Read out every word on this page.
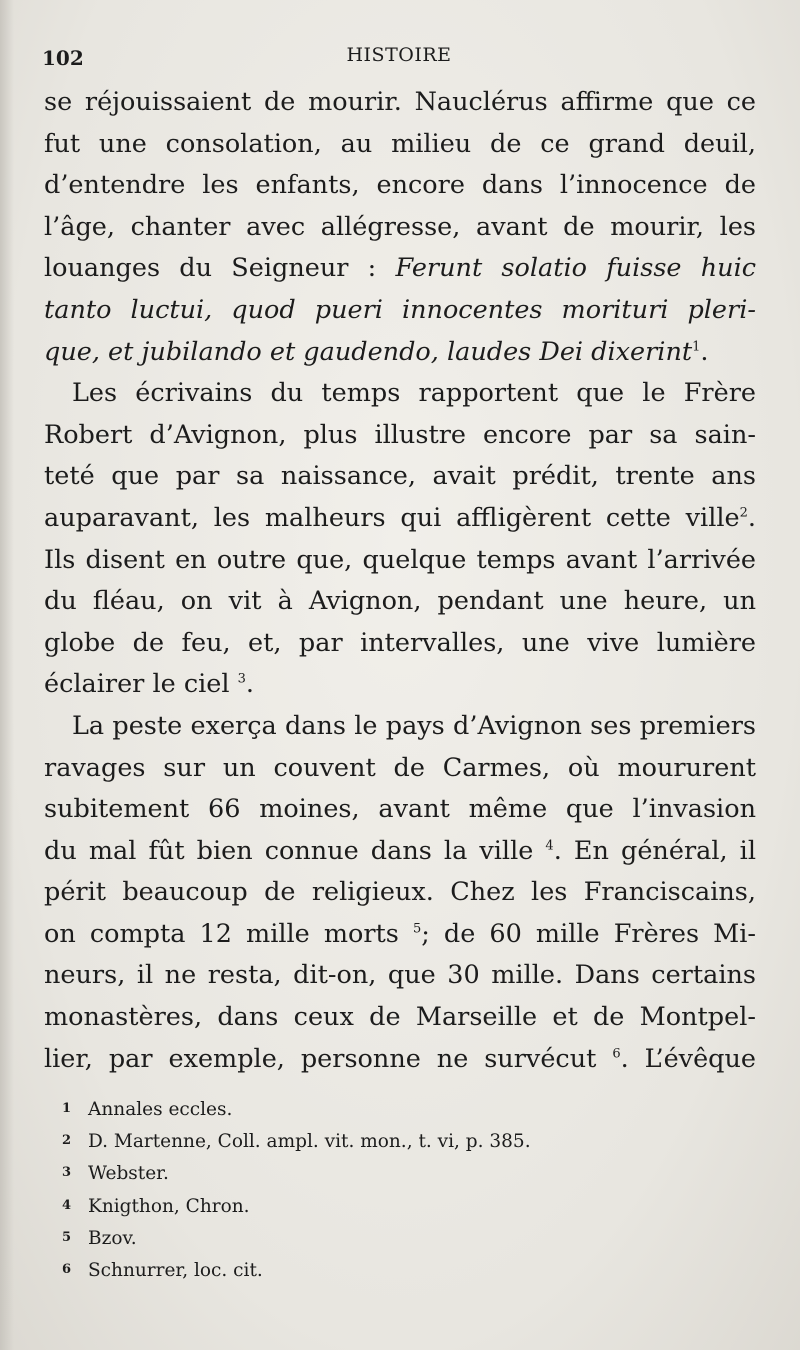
102	HISTOIRE
se réjouissaient de mourir. Nauclérus affirme que ce
fut une consolation, au milieu de ce grand deuil,
d’entendre les enfants, encore dans l’innocence de
l’âge, chanter avec allégresse, avant de mourir, les
louanges du Seigneur : Ferunt solatio fuisse huic
tanto luctui, quod pueri innocentes morituri pleri-
que, et jubilando et gaudendo, laudes Dei dixerint$^1$.
Les écrivains du temps rapportent que le Frère
Robert d’Avignon, plus illustre encore par sa sain-
teté que par sa naissance, avait prédit, trente ans
auparavant, les malheurs qui affligèrent cette ville$^2$.
Ils disent en outre que, quelque temps avant l’arrivée
du fléau, on vit à Avignon, pendant une heure, un
globe de feu, et, par intervalles, une vive lumière
éclairer le ciel $^3$.
La peste exerça dans le pays d’Avignon ses premiers
ravages sur un couvent de Carmes, où moururent
subitement 66 moines, avant même que l’invasion
du mal fût bien connue dans la ville $^4$. En général, il
périt beaucoup de religieux. Chez les Franciscains,
on compta 12 mille morts $^5$; de 60 mille Frères Mi-
neurs, il ne resta, dit-on, que 30 mille. Dans certains
monastères, dans ceux de Marseille et de Montpel-
lier, par exemple, personne ne survécut $^6$. L’évêque
1 Annales eccles.
2 D. Martenne, Coll. ampl. vit. mon., t. vi, p. 385.
3 Webster.
4 Knigthon, Chron.
5 Bzov.
6 Schnurrer, loc. cit.
